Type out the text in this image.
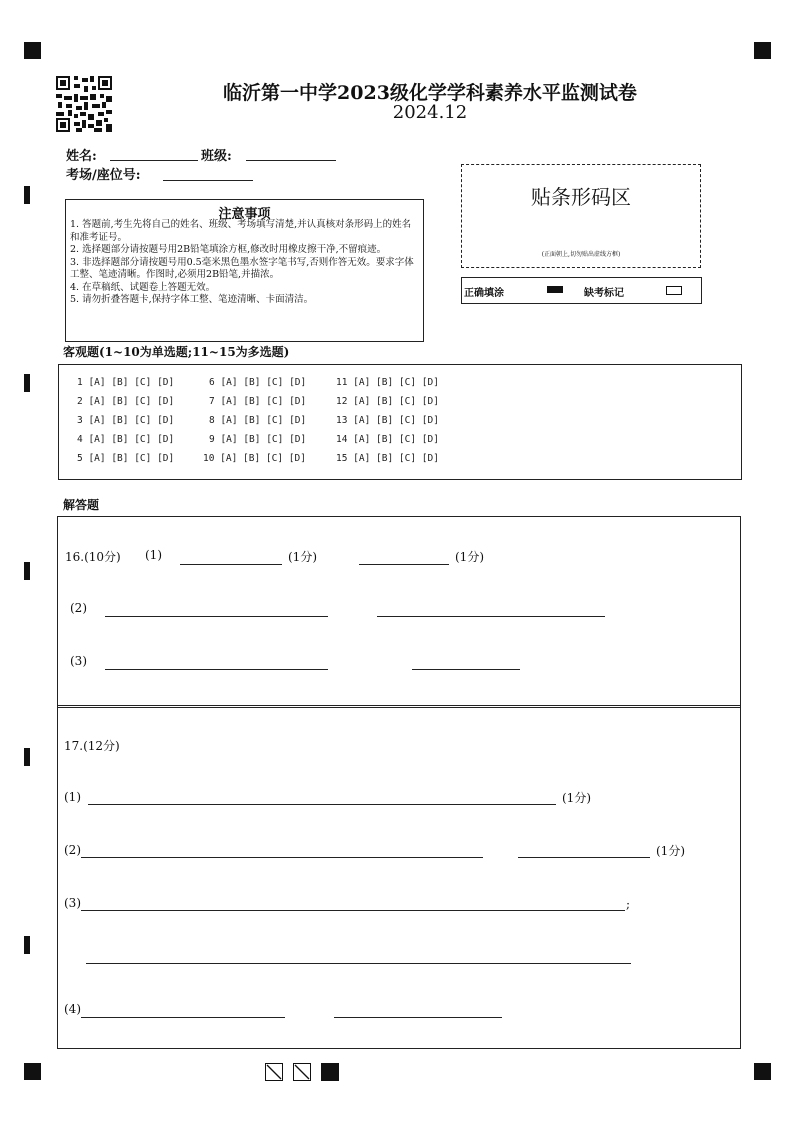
临沂第一中学2023级化学学科素养水平监测试卷
2024.12
姓名:	班级:
考场/座位号:
贴条形码区
(正面朝上,切勿贴出虚线方框)
正确填涂	缺考标记
注意事项
1. 答题前,考生先将自己的姓名、班级、考场填写清楚,并认真核对条形码上的姓名和准考证号。
2. 选择题部分请按题号用2B铅笔填涂方框,修改时用橡皮擦干净,不留痕迹。
3. 非选择题部分请按题号用0.5毫米黑色墨水签字笔书写,否则作答无效。要求字体工整、笔迹清晰。作图时,必须用2B铅笔,并描浓。
4. 在草稿纸、试题卷上答题无效。
5. 请勿折叠答题卡,保持字体工整、笔迹清晰、卡面清洁。
客观题(1~10为单选题;11~15为多选题)
1 [A] [B] [C] [D]
2 [A] [B] [C] [D]
3 [A] [B] [C] [D]
4 [A] [B] [C] [D]
5 [A] [B] [C] [D]
6 [A] [B] [C] [D]
7 [A] [B] [C] [D]
8 [A] [B] [C] [D]
9 [A] [B] [C] [D]
10 [A] [B] [C] [D]
11 [A] [B] [C] [D]
12 [A] [B] [C] [D]
13 [A] [B] [C] [D]
14 [A] [B] [C] [D]
15 [A] [B] [C] [D]
解答题
16.(10分) (1)	(1分)	(1分)
(2)
(3)
17.(12分)
(1)	(1分)
(2)	(1分)
(3)	;
(4)
